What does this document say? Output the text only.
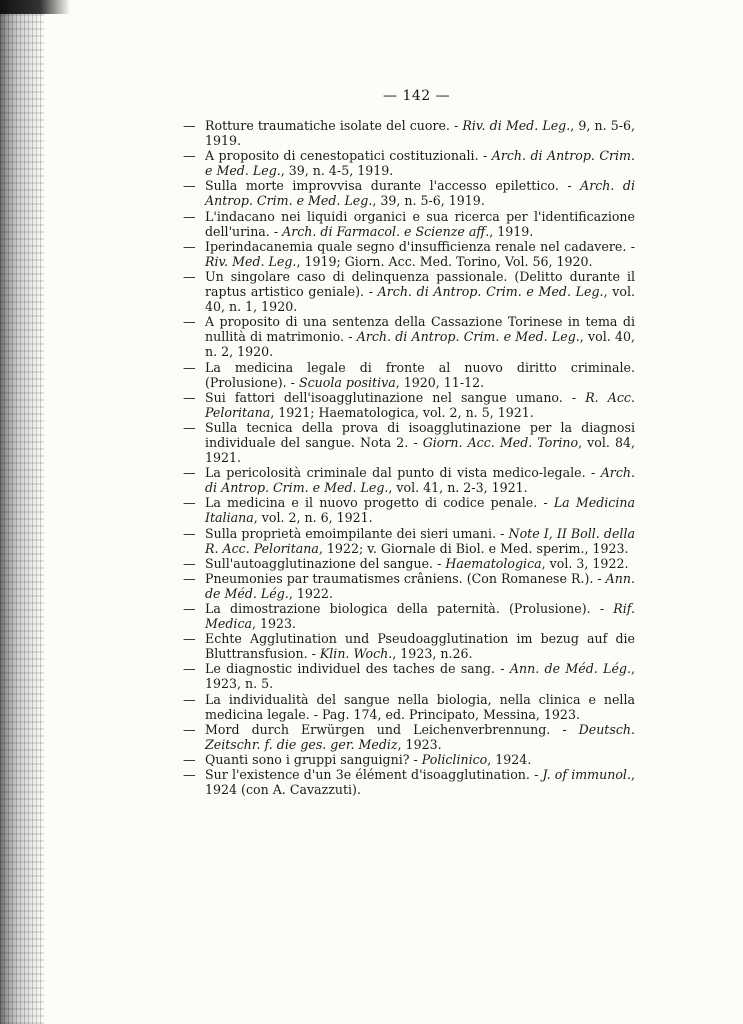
— 142 —
— Rotture traumatiche isolate del cuore. - Riv. di Med. Leg., 9, n. 5-6, 1919.
— A proposito di cenestopatici costituzionali. - Arch. di Antrop. Crim. e Med. Leg., 39, n. 4-5, 1919.
— Sulla morte improvvisa durante l'accesso epilettico. - Arch. di Antrop. Crim. e Med. Leg., 39, n. 5-6, 1919.
— L'indacano nei liquidi organici e sua ricerca per l'identificazione dell'urina. - Arch. di Farmacol. e Scienze aff., 1919.
— Iperindacanemia quale segno d'insufficienza renale nel cadavere. - Riv. Med. Leg., 1919; Giorn. Acc. Med. Torino, Vol. 56, 1920.
— Un singolare caso di delinquenza passionale. (Delitto durante il raptus artistico geniale). - Arch. di Antrop. Crim. e Med. Leg., vol. 40, n. 1, 1920.
— A proposito di una sentenza della Cassazione Torinese in tema di nullità di matrimonio. - Arch. di Antrop. Crim. e Med. Leg., vol. 40, n. 2, 1920.
— La medicina legale di fronte al nuovo diritto criminale. (Prolusione). - Scuola positiva, 1920, 11-12.
— Sui fattori dell'isoagglutinazione nel sangue umano. - R. Acc. Peloritana, 1921; Haematologica, vol. 2, n. 5, 1921.
— Sulla tecnica della prova di isoagglutinazione per la diagnosi individuale del sangue. Nota 2. - Giorn. Acc. Med. Torino, vol. 84, 1921.
— La pericolosità criminale dal punto di vista medico-legale. - Arch. di Antrop. Crim. e Med. Leg., vol. 41, n. 2-3, 1921.
— La medicina e il nuovo progetto di codice penale. - La Medicina Italiana, vol. 2, n. 6, 1921.
— Sulla proprietà emoimpilante dei sieri umani. - Note I, II Boll. della R. Acc. Peloritana, 1922; v. Giornale di Biol. e Med. sperim., 1923.
— Sull'autoagglutinazione del sangue. - Haematologica, vol. 3, 1922.
— Pneumonies par traumatismes crâniens. (Con Romanese R.). - Ann. de Méd. Lég., 1922.
— La dimostrazione biologica della paternità. (Prolusione). - Rif. Medica, 1923.
— Echte Agglutination und Pseudoagglutination im bezug auf die Bluttransfusion. - Klin. Woch., 1923, n.26.
— Le diagnostic individuel des taches de sang. - Ann. de Méd. Lég., 1923, n. 5.
— La individualità del sangue nella biologia, nella clinica e nella medicina legale. - Pag. 174, ed. Principato, Messina, 1923.
— Mord durch Erwürgen und Leichenverbrennung. - Deutsch. Zeitschr. f. die ges. ger. Mediz, 1923.
— Quanti sono i gruppi sanguigni? - Policlinico, 1924.
— Sur l'existence d'un 3e élément d'isoagglutination. - J. of immunol., 1924 (con A. Cavazzuti).
